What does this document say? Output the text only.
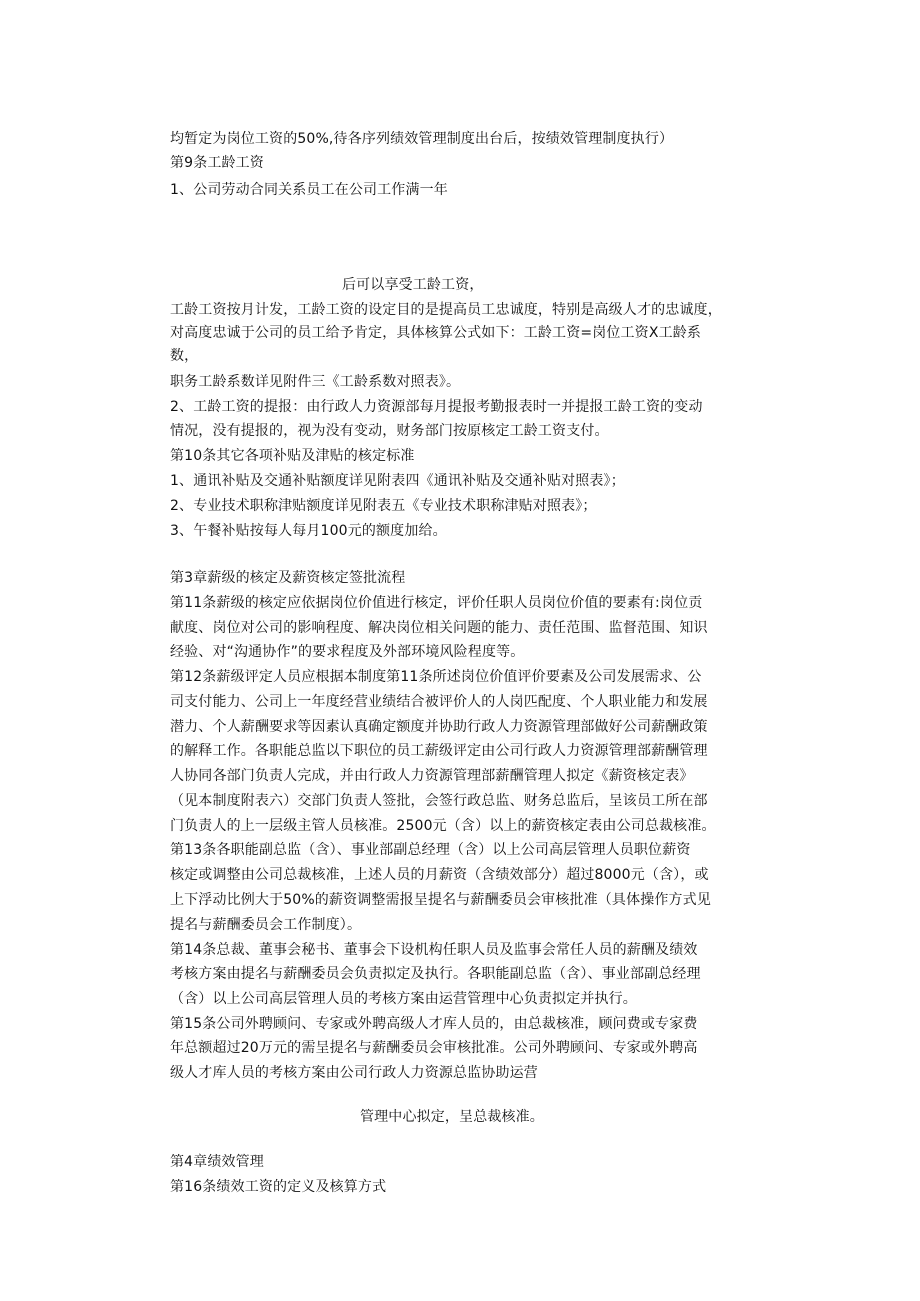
均暂定为岗位工资的50%,待各序列绩效管理制度出台后，按绩效管理制度执行）
第9条工龄工资
1、公司劳动合同关系员工在公司工作满一年
后可以享受工龄工资，
工龄工资按月计发，工龄工资的设定目的是提高员工忠诚度，特别是高级人才的忠诚度，
对高度忠诚于公司的员工给予肯定，具体核算公式如下：工龄工资=岗位工资X工龄系
数，
职务工龄系数详见附件三《工龄系数对照表》。
2、工龄工资的提报：由行政人力资源部每月提报考勤报表时一并提报工龄工资的变动
情况，没有提报的，视为没有变动，财务部门按原核定工龄工资支付。
第10条其它各项补贴及津贴的核定标准
1、通讯补贴及交通补贴额度详见附表四《通讯补贴及交通补贴对照表》；
2、专业技术职称津贴额度详见附表五《专业技术职称津贴对照表》；
3、午餐补贴按每人每月100元的额度加给。
第3章薪级的核定及薪资核定签批流程
第11条薪级的核定应依据岗位价值进行核定，评价任职人员岗位价值的要素有:岗位贡
献度、岗位对公司的影响程度、解决岗位相关问题的能力、责任范围、监督范围、知识
经验、对“沟通协作”的要求程度及外部环境风险程度等。
第12条薪级评定人员应根据本制度第11条所述岗位价值评价要素及公司发展需求、公
司支付能力、公司上一年度经营业绩结合被评价人的人岗匹配度、个人职业能力和发展
潜力、个人薪酬要求等因素认真确定额度并协助行政人力资源管理部做好公司薪酬政策
的解释工作。各职能总监以下职位的员工薪级评定由公司行政人力资源管理部薪酬管理
人协同各部门负责人完成，并由行政人力资源管理部薪酬管理人拟定《薪资核定表》
（见本制度附表六）交部门负责人签批，会签行政总监、财务总监后，呈该员工所在部
门负责人的上一层级主管人员核准。2500元（含）以上的薪资核定表由公司总裁核准。
第13条各职能副总监（含）、事业部副总经理（含）以上公司高层管理人员职位薪资
核定或调整由公司总裁核准，上述人员的月薪资（含绩效部分）超过8000元（含），或
上下浮动比例大于50%的薪资调整需报呈提名与薪酬委员会审核批准（具体操作方式见
提名与薪酬委员会工作制度）。
第14条总裁、董事会秘书、董事会下设机构任职人员及监事会常任人员的薪酬及绩效
考核方案由提名与薪酬委员会负责拟定及执行。各职能副总监（含）、事业部副总经理
（含）以上公司高层管理人员的考核方案由运营管理中心负责拟定并执行。
第15条公司外聘顾问、专家或外聘高级人才库人员的，由总裁核准，顾问费或专家费
年总额超过20万元的需呈提名与薪酬委员会审核批准。公司外聘顾问、专家或外聘高
级人才库人员的考核方案由公司行政人力资源总监协助运营
管理中心拟定，呈总裁核准。
第4章绩效管理
第16条绩效工资的定义及核算方式
